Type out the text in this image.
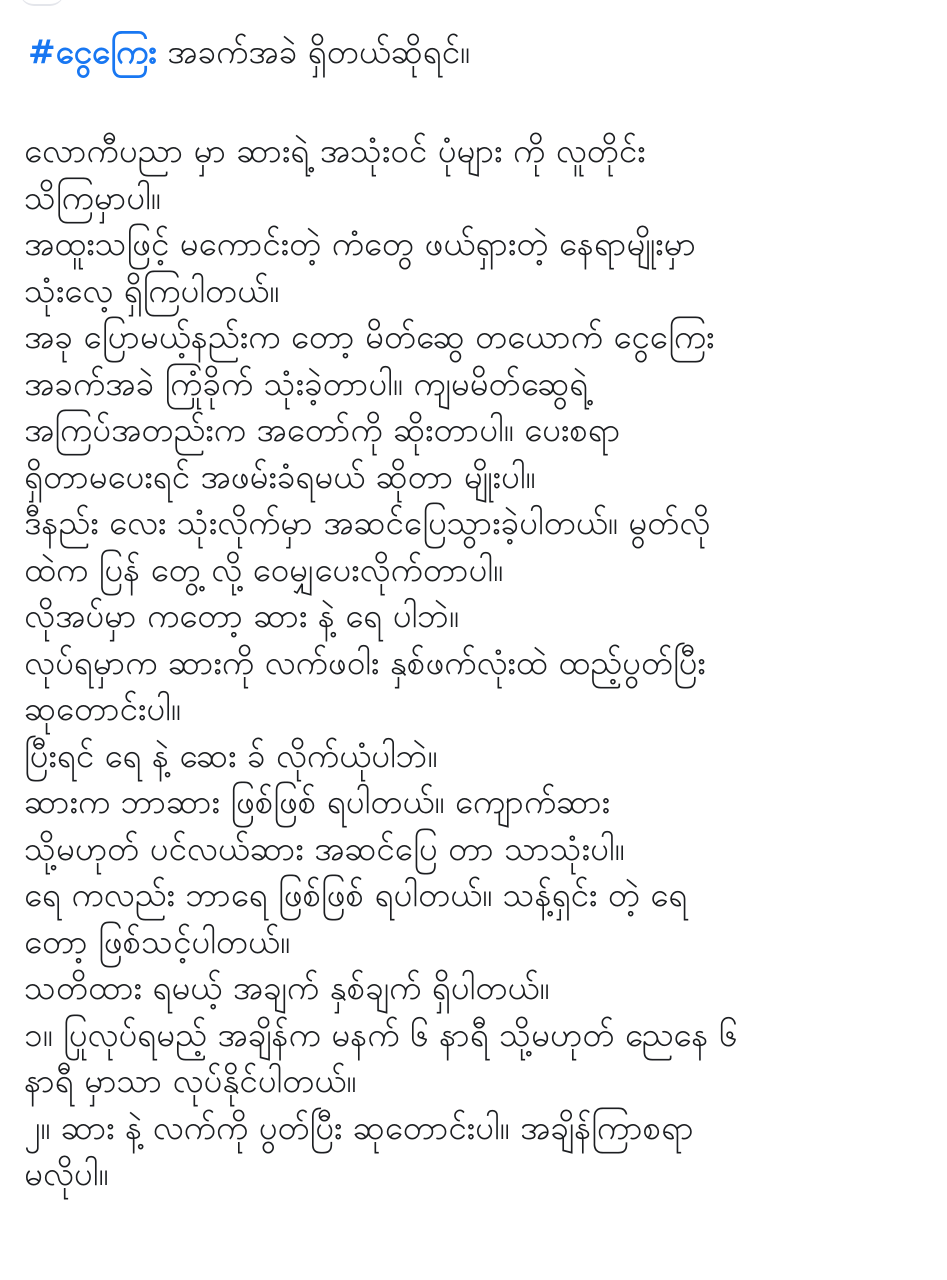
#ငွေကြေး အခက်အခဲ ရှိတယ်ဆိုရင်။
လောကီပညာ မှာ ဆားရဲ့ အသုံးဝင် ပုံများ ကို လူတိုင်း
သိကြမှာပါ။
အထူးသဖြင့် မကောင်းတဲ့ ကံတွေ ဖယ်ရှားတဲ့ နေရာမျိုးမှာ
သုံးလေ့ ရှိကြပါတယ်။
အခု ပြောမယ့်နည်းက တော့ မိတ်ဆွေ တယောက် ငွေကြေး
အခက်အခဲ ကြုံခိုက် သုံးခဲ့တာပါ။ ကျမမိတ်ဆွေရဲ့
အကြပ်အတည်းက အတော်ကို ဆိုးတာပါ။ ပေးစရာ
ရှိတာမပေးရင် အဖမ်းခံရမယ် ဆိုတာ မျိုးပါ။
ဒီနည်း လေး သုံးလိုက်မှာ အဆင်ပြေသွားခဲ့ပါတယ်။ မွတ်လို
ထဲက ပြန် တွေ့ လို့ ဝေမျှပေးလိုက်တာပါ။
လိုအပ်မှာ ကတော့ ဆား နဲ့ ရေ ပါဘဲ။
လုပ်ရမှာက ဆားကို လက်ဖဝါး နှစ်ဖက်လုံးထဲ ထည့်ပွတ်ပြီး
ဆုတောင်းပါ။
ပြီးရင် ရေ နဲ့ ဆေး ခ် လိုက်ယုံပါဘဲ။
ဆားက ဘာဆား ဖြစ်ဖြစ် ရပါတယ်။ ကျောက်ဆား
သို့မဟုတ် ပင်လယ်ဆား အဆင်ပြေ တာ သာသုံးပါ။
ရေ ကလည်း ဘာရေ ဖြစ်ဖြစ် ရပါတယ်။ သန့်ရှင်း တဲ့ ရေ
တော့ ဖြစ်သင့်ပါတယ်။
သတိထား ရမယ့် အချက် နှစ်ချက် ရှိပါတယ်။
၁။ ပြုလုပ်ရမည့် အချိန်က မနက် ၆ နာရီ သို့မဟုတ် ညေနေ ၆
နာရီ မှာသာ လုပ်နိုင်ပါတယ်။
၂။ ဆား နဲ့ လက်ကို ပွတ်ပြီး ဆုတောင်းပါ။ အချိန်ကြာစရာ
မလိုပါ။
